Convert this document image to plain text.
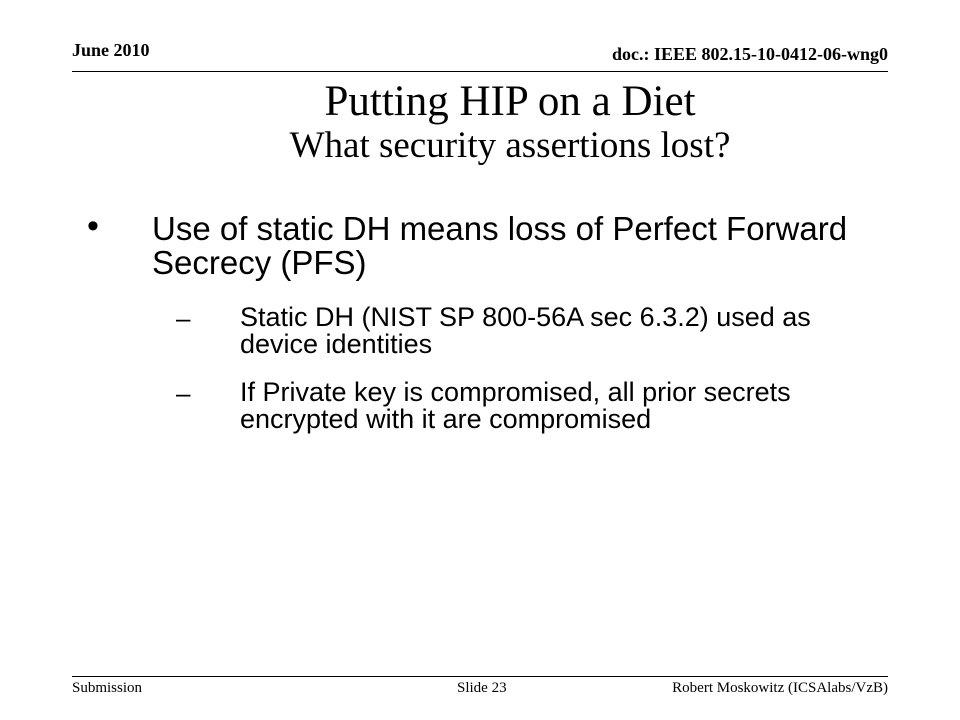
June 2010	doc.: IEEE 802.15-10-0412-06-wng0
Putting HIP on a Diet
What security assertions lost?
• Use of static DH means loss of Perfect Forward Secrecy (PFS)
– Static DH (NIST SP 800-56A sec 6.3.2) used as device identities
– If Private key is compromised, all prior secrets encrypted with it are compromised
Submission	Slide 23	Robert Moskowitz (ICSAlabs/VzB)
